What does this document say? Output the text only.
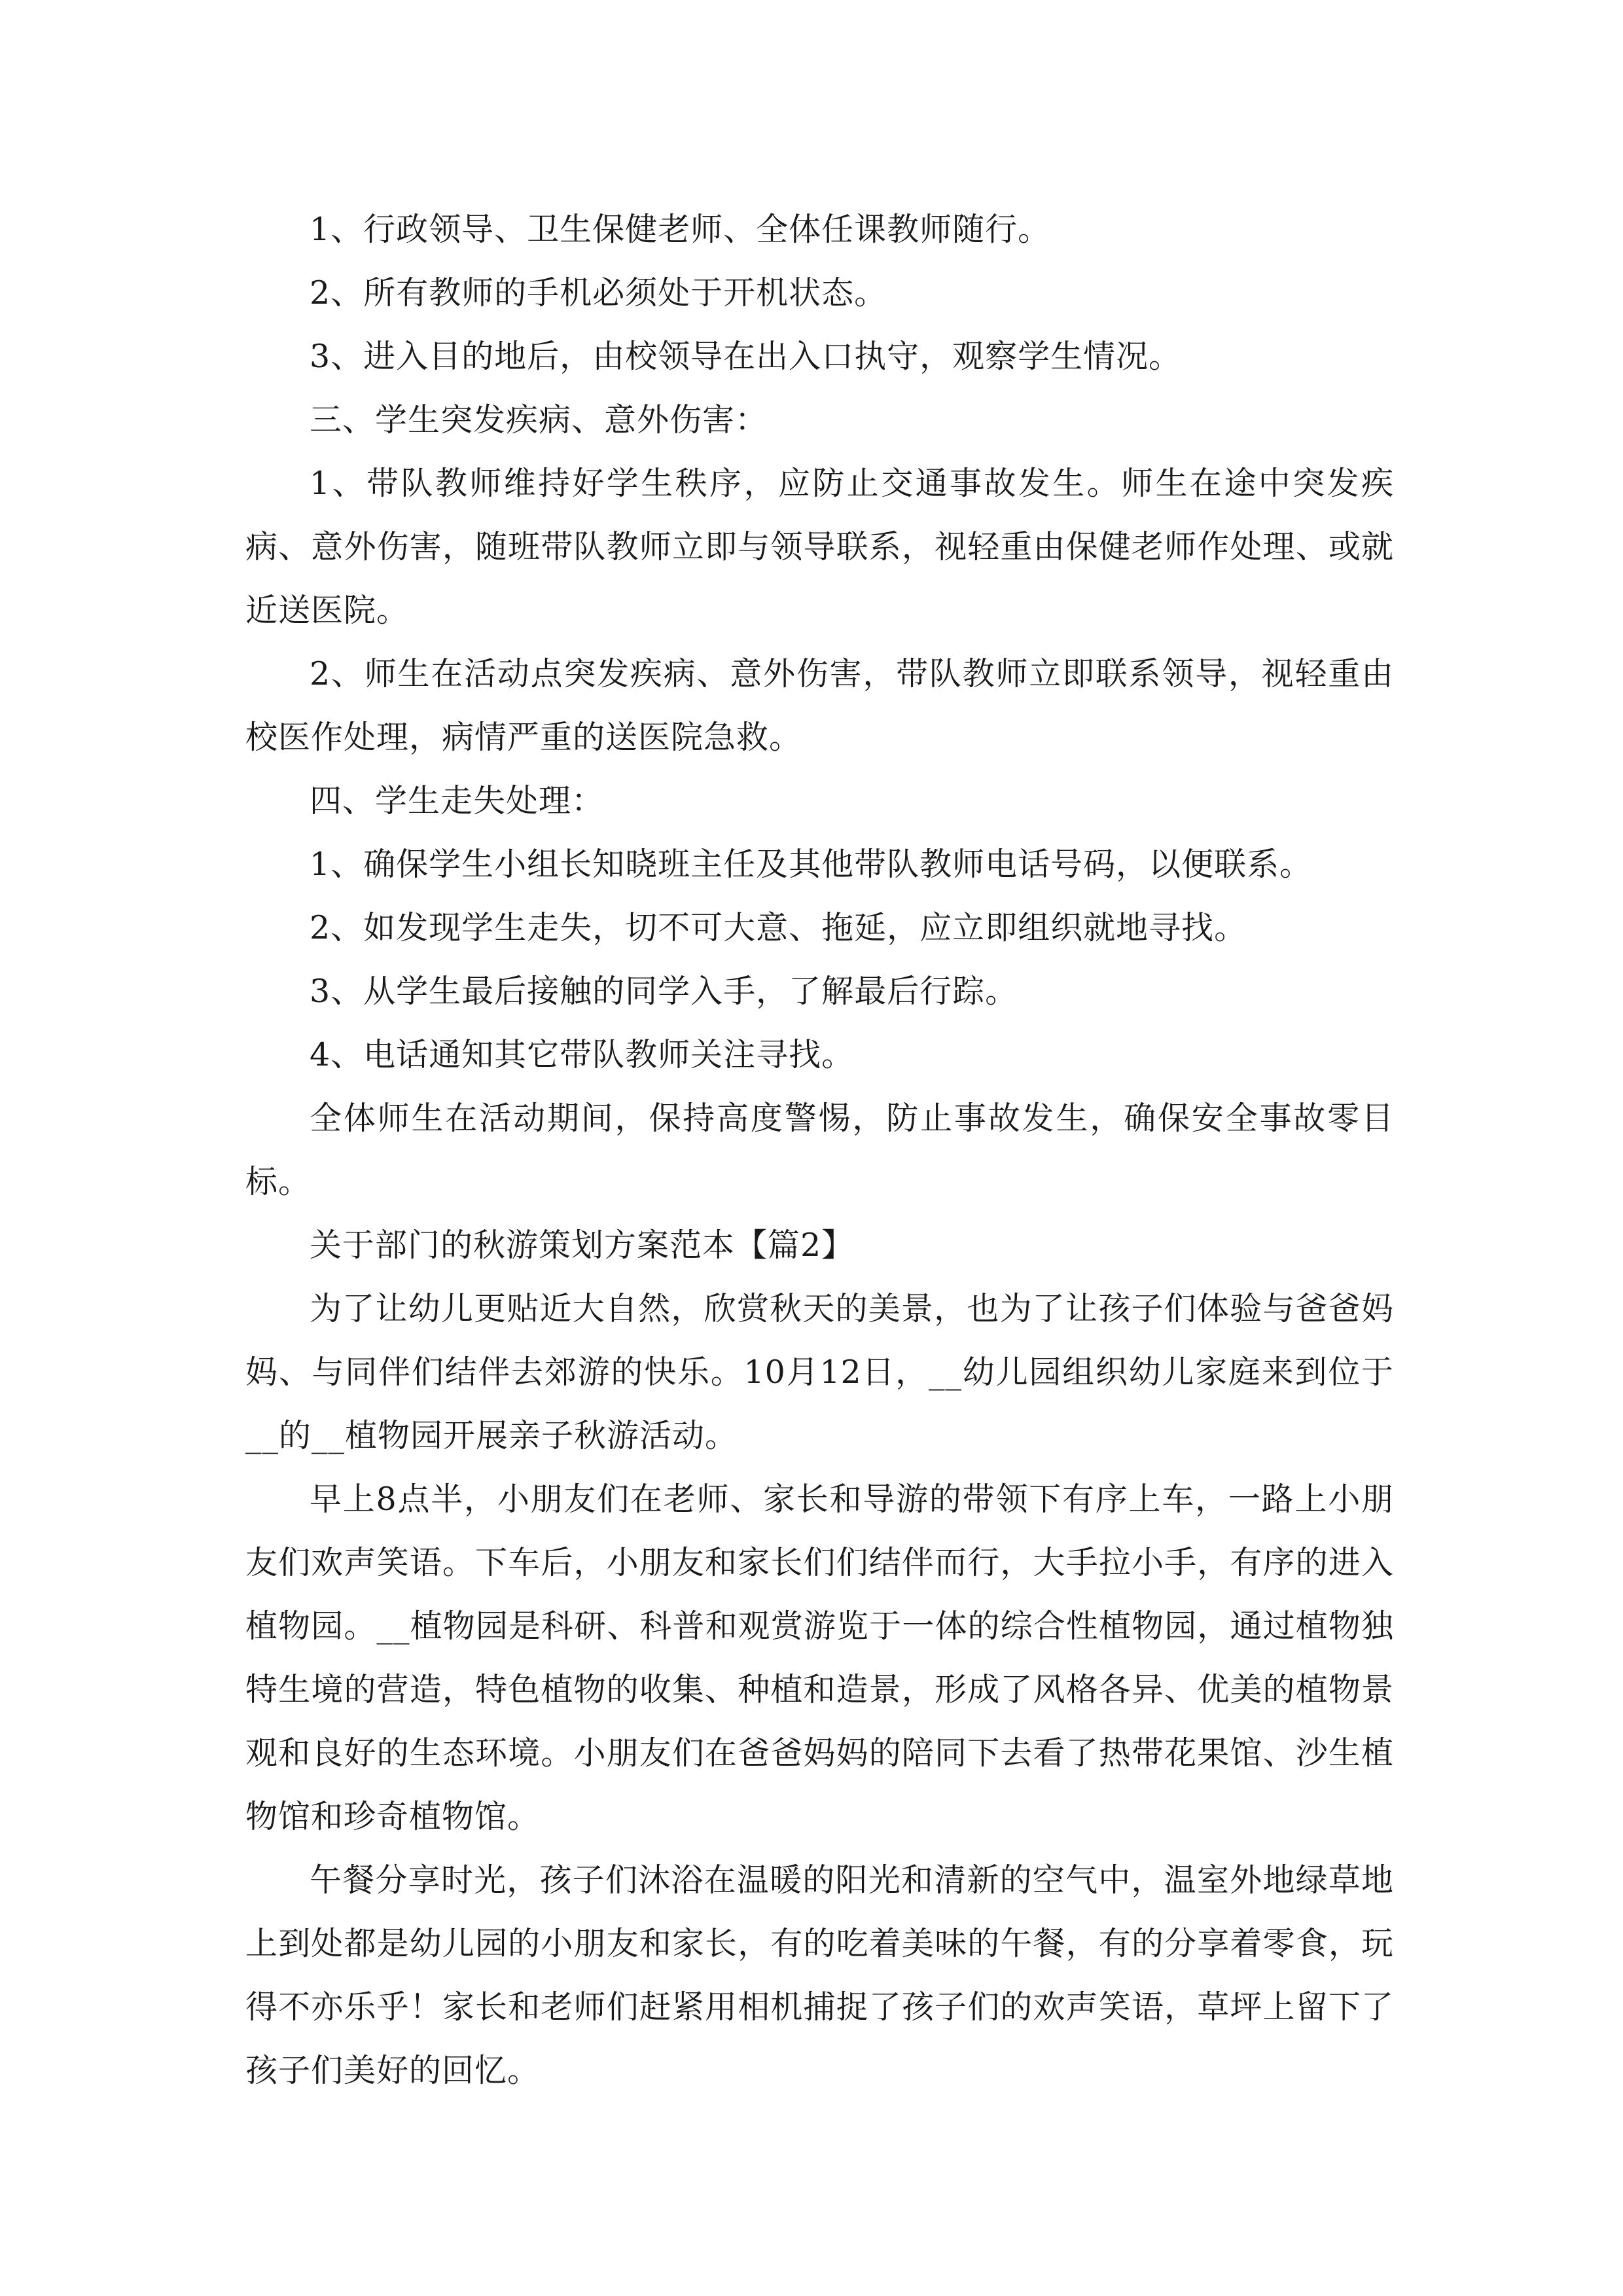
1、行政领导、卫生保健老师、全体任课教师随行。

2、所有教师的手机必须处于开机状态。

3、进入目的地后，由校领导在出入口执守，观察学生情况。

三、学生突发疾病、意外伤害：

1、带队教师维持好学生秩序，应防止交通事故发生。师生在途中突发疾病、意外伤害，随班带队教师立即与领导联系，视轻重由保健老师作处理、或就近送医院。

2、师生在活动点突发疾病、意外伤害，带队教师立即联系领导，视轻重由校医作处理，病情严重的送医院急救。

四、学生走失处理：

1、确保学生小组长知晓班主任及其他带队教师电话号码，以便联系。

2、如发现学生走失，切不可大意、拖延，应立即组织就地寻找。

3、从学生最后接触的同学入手，了解最后行踪。

4、电话通知其它带队教师关注寻找。

全体师生在活动期间，保持高度警惕，防止事故发生，确保安全事故零目标。

关于部门的秋游策划方案范本【篇2】

为了让幼儿更贴近大自然，欣赏秋天的美景，也为了让孩子们体验与爸爸妈妈、与同伴们结伴去郊游的快乐。10月12日，__幼儿园组织幼儿家庭来到位于__的__植物园开展亲子秋游活动。

早上8点半，小朋友们在老师、家长和导游的带领下有序上车，一路上小朋友们欢声笑语。下车后，小朋友和家长们们结伴而行，大手拉小手，有序的进入植物园。__植物园是科研、科普和观赏游览于一体的综合性植物园，通过植物独特生境的营造，特色植物的收集、种植和造景，形成了风格各异、优美的植物景观和良好的生态环境。小朋友们在爸爸妈妈的陪同下去看了热带花果馆、沙生植物馆和珍奇植物馆。

午餐分享时光，孩子们沐浴在温暖的阳光和清新的空气中，温室外地绿草地上到处都是幼儿园的小朋友和家长，有的吃着美味的午餐，有的分享着零食，玩得不亦乐乎！家长和老师们赶紧用相机捕捉了孩子们的欢声笑语，草坪上留下了孩子们美好的回忆。
